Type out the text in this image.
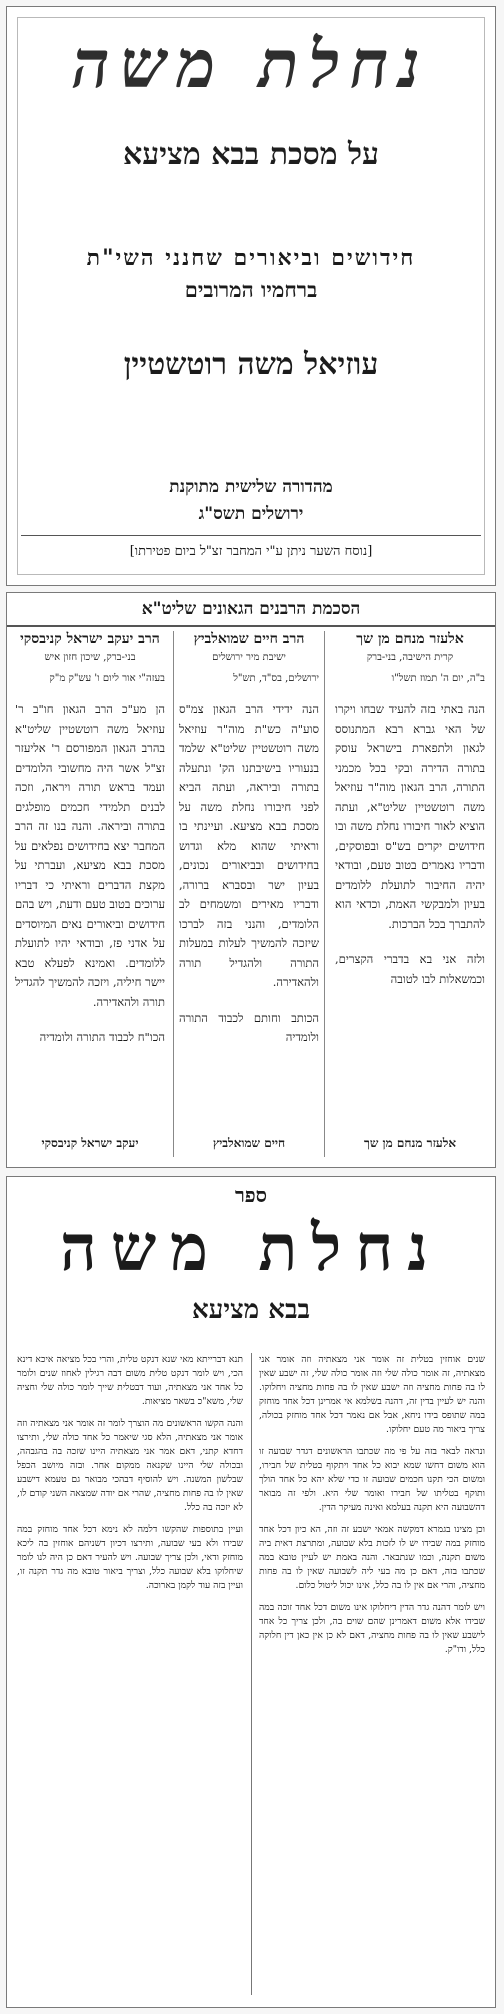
נחלת משה
על מסכת בבא מציעא
חידושים וביאורים שחנני השי"ת
ברחמיו המרובים
עוזיאל משה רוטשטיין
מהדורה שלישית מתוקנת
ירושלים תשס"ג
[נוסח השער ניתן ע"י המחבר זצ"ל ביום פטירתו]
הסכמת הרבנים הגאונים שליט"א
אלעזר מנחם מן שך
קרית הישיבה, בני-ברק
ב"ה, יום ה' תמוז תשל"ו
הנה באתי בזה להעיד שבחו ויקרו של האי גברא רבא המתנוסס לגאון ולתפארת בישראל עוסק בתורה הדירה ובקי בכל מכמני התורה, הרב הגאון מוה"ר עוזיאל משה רוטשטיין שליט"א, ועתה הוציא לאור חיבורו נחלת משה ובו חידושים יקרים בש"ס ובפוסקים, ודבריו נאמרים בטוב טעם, ובודאי יהיה החיבור לתועלת ללומדים בעיון ולמבקשי האמת, וכדאי הוא להתברך בכל הברכות.
ולזה אני בא בדברי הקצרים, וכמשאלות לבו לטובה
אלעזר מנחם מן שך
הרב חיים שמואלביץ
ישיבת מיר ירושלים
ירושלים, בס"ד, תש"ל
הנה ידידי הרב הגאון צמ"ס סוע"ה כש"ת מוה"ר עוזיאל משה רוטשטיין שליט"א שלמד בנעוריו בישיבתנו הק' ונתעלה בתורה וביראה, ועתה הביא לפני חיבורו נחלת משה על מסכת בבא מציעא. ועיינתי בו וראיתי שהוא מלא וגדוש בחידושים ובביאורים נכונים, בעיון ישר ובסברא ברורה, ודבריו מאירים ומשמחים לב הלומדים, והנני בזה לברכו שיזכה להמשיך לעלות במעלות התורה ולהגדיל תורה ולהאדירה.
הכותב וחותם לכבוד התורה ולומדיה
חיים שמואלביץ
הרב יעקב ישראל קניבסקי
בני-ברק, שיכון חזון איש
בעזה"י אור ליום ו' עש"ק מ"ק
הן מע"כ הרב הגאון חו"ב ר' עוזיאל משה רוטשטיין שליט"א בהרב הגאון המפורסם ר' אליעזר זצ"ל אשר היה מחשובי הלומדים ועמד בראש תורה ויראה, וזכה לבנים תלמידי חכמים מופלגים בתורה וביראה. והנה בנו זה הרב המחבר יצא בחידושים נפלאים על מסכת בבא מציעא, ועברתי על מקצת הדברים וראיתי כי דבריו ערוכים בטוב טעם ודעת, ויש בהם חידושים וביאורים נאים המיוסדים על אדני פז, ובודאי יהיו לתועלת ללומדים. ואמינא לפעלא טבא יישר חיליה, ויזכה להמשיך להגדיל תורה ולהאדירה.
הכו"ח לכבוד התורה ולומדיה
יעקב ישראל קניבסקי
ספר
נחלת משה
בבא מציעא

שנים אוחזין בטלית זה אומר אני מצאתיה וזה אומר אני מצאתיה, זה אומר כולה שלי וזה אומר כולה שלי, זה ישבע שאין לו בה פחות מחציה וזה ישבע שאין לו בה פחות מחציה ויחלוקו. והנה יש לעיין בדין זה, דהנה בשלמא אי אמרינן דכל אחד מוחזק במה שתופס בידו ניחא, אבל אם נאמר דכל אחד מוחזק בכולה, צריך ביאור מה טעם יחלוקו.

ונראה לבאר בזה על פי מה שכתבו הראשונים דגדר שבועה זו הוא משום דחשו שמא יבוא כל אחד ויתקוף בטלית של חבירו, ומשום הכי תקנו חכמים שבועה זו כדי שלא יהא כל אחד הולך ותוקף בטליתו של חבירו ואומר שלי היא. ולפי זה מבואר דהשבועה היא תקנה בעלמא ואינה מעיקר הדין.

וכן מצינו בגמרא דמקשה אמאי ישבע זה וזה, הא כיון דכל אחד מוחזק במה שבידו יש לו לזכות בלא שבועה, ומתרצת דאית ביה משום תקנה, וכמו שנתבאר. והנה באמת יש לעיין טובא במה שכתבו בזה, דאם כן מה בעי ליה לשבועה שאין לו בה פחות מחציה, והרי אם אין לו בה כלל, אינו יכול ליטול כלום.

ויש לומר דהנה גדר הדין דיחלוקו אינו משום דכל אחד זוכה במה שבידו אלא משום דאמרינן שהם שוים בה, ולכן צריך כל אחד לישבע שאין לו בה פחות מחציה, דאם לא כן אין כאן דין חלוקה כלל, ודו"ק.

תנא דברייתא מאי שנא דנקט טלית, והרי בכל מציאה איכא דינא הכי, ויש לומר דנקט טלית משום דבה רגילין לאחוז שנים ולומר כל אחד אני מצאתיה, ועוד דבטלית שייך לומר כולה שלי וחציה שלי, משא"כ בשאר מציאות.

והנה הקשו הראשונים מה הוצרך לומר זה אומר אני מצאתיה וזה אומר אני מצאתיה, הלא סגי שיאמר כל אחד כולה שלי, ותירצו דחדא קתני, דאם אמר אני מצאתיה היינו שזכה בה בהגבהה, ובכולה שלי היינו שקנאה ממקום אחר. ובזה מיושב הכפל שבלשון המשנה. ויש להוסיף דבהכי מבואר גם טעמא דישבע שאין לו בה פחות מחציה, שהרי אם יודה שמצאה השני קודם לו, לא יזכה בה כלל.

ועיין בתוספות שהקשו דלמה לא נימא דכל אחד מוחזק במה שבידו ולא בעי שבועה, ותירצו דכיון דשניהם אוחזין בה ליכא מוחזק ודאי, ולכן צריך שבועה. ויש להעיר דאם כן היה לנו לומר שיחלוקו בלא שבועה כלל, וצריך ביאור טובא מה גדר תקנה זו, ועיין בזה עוד לקמן בארוכה.
